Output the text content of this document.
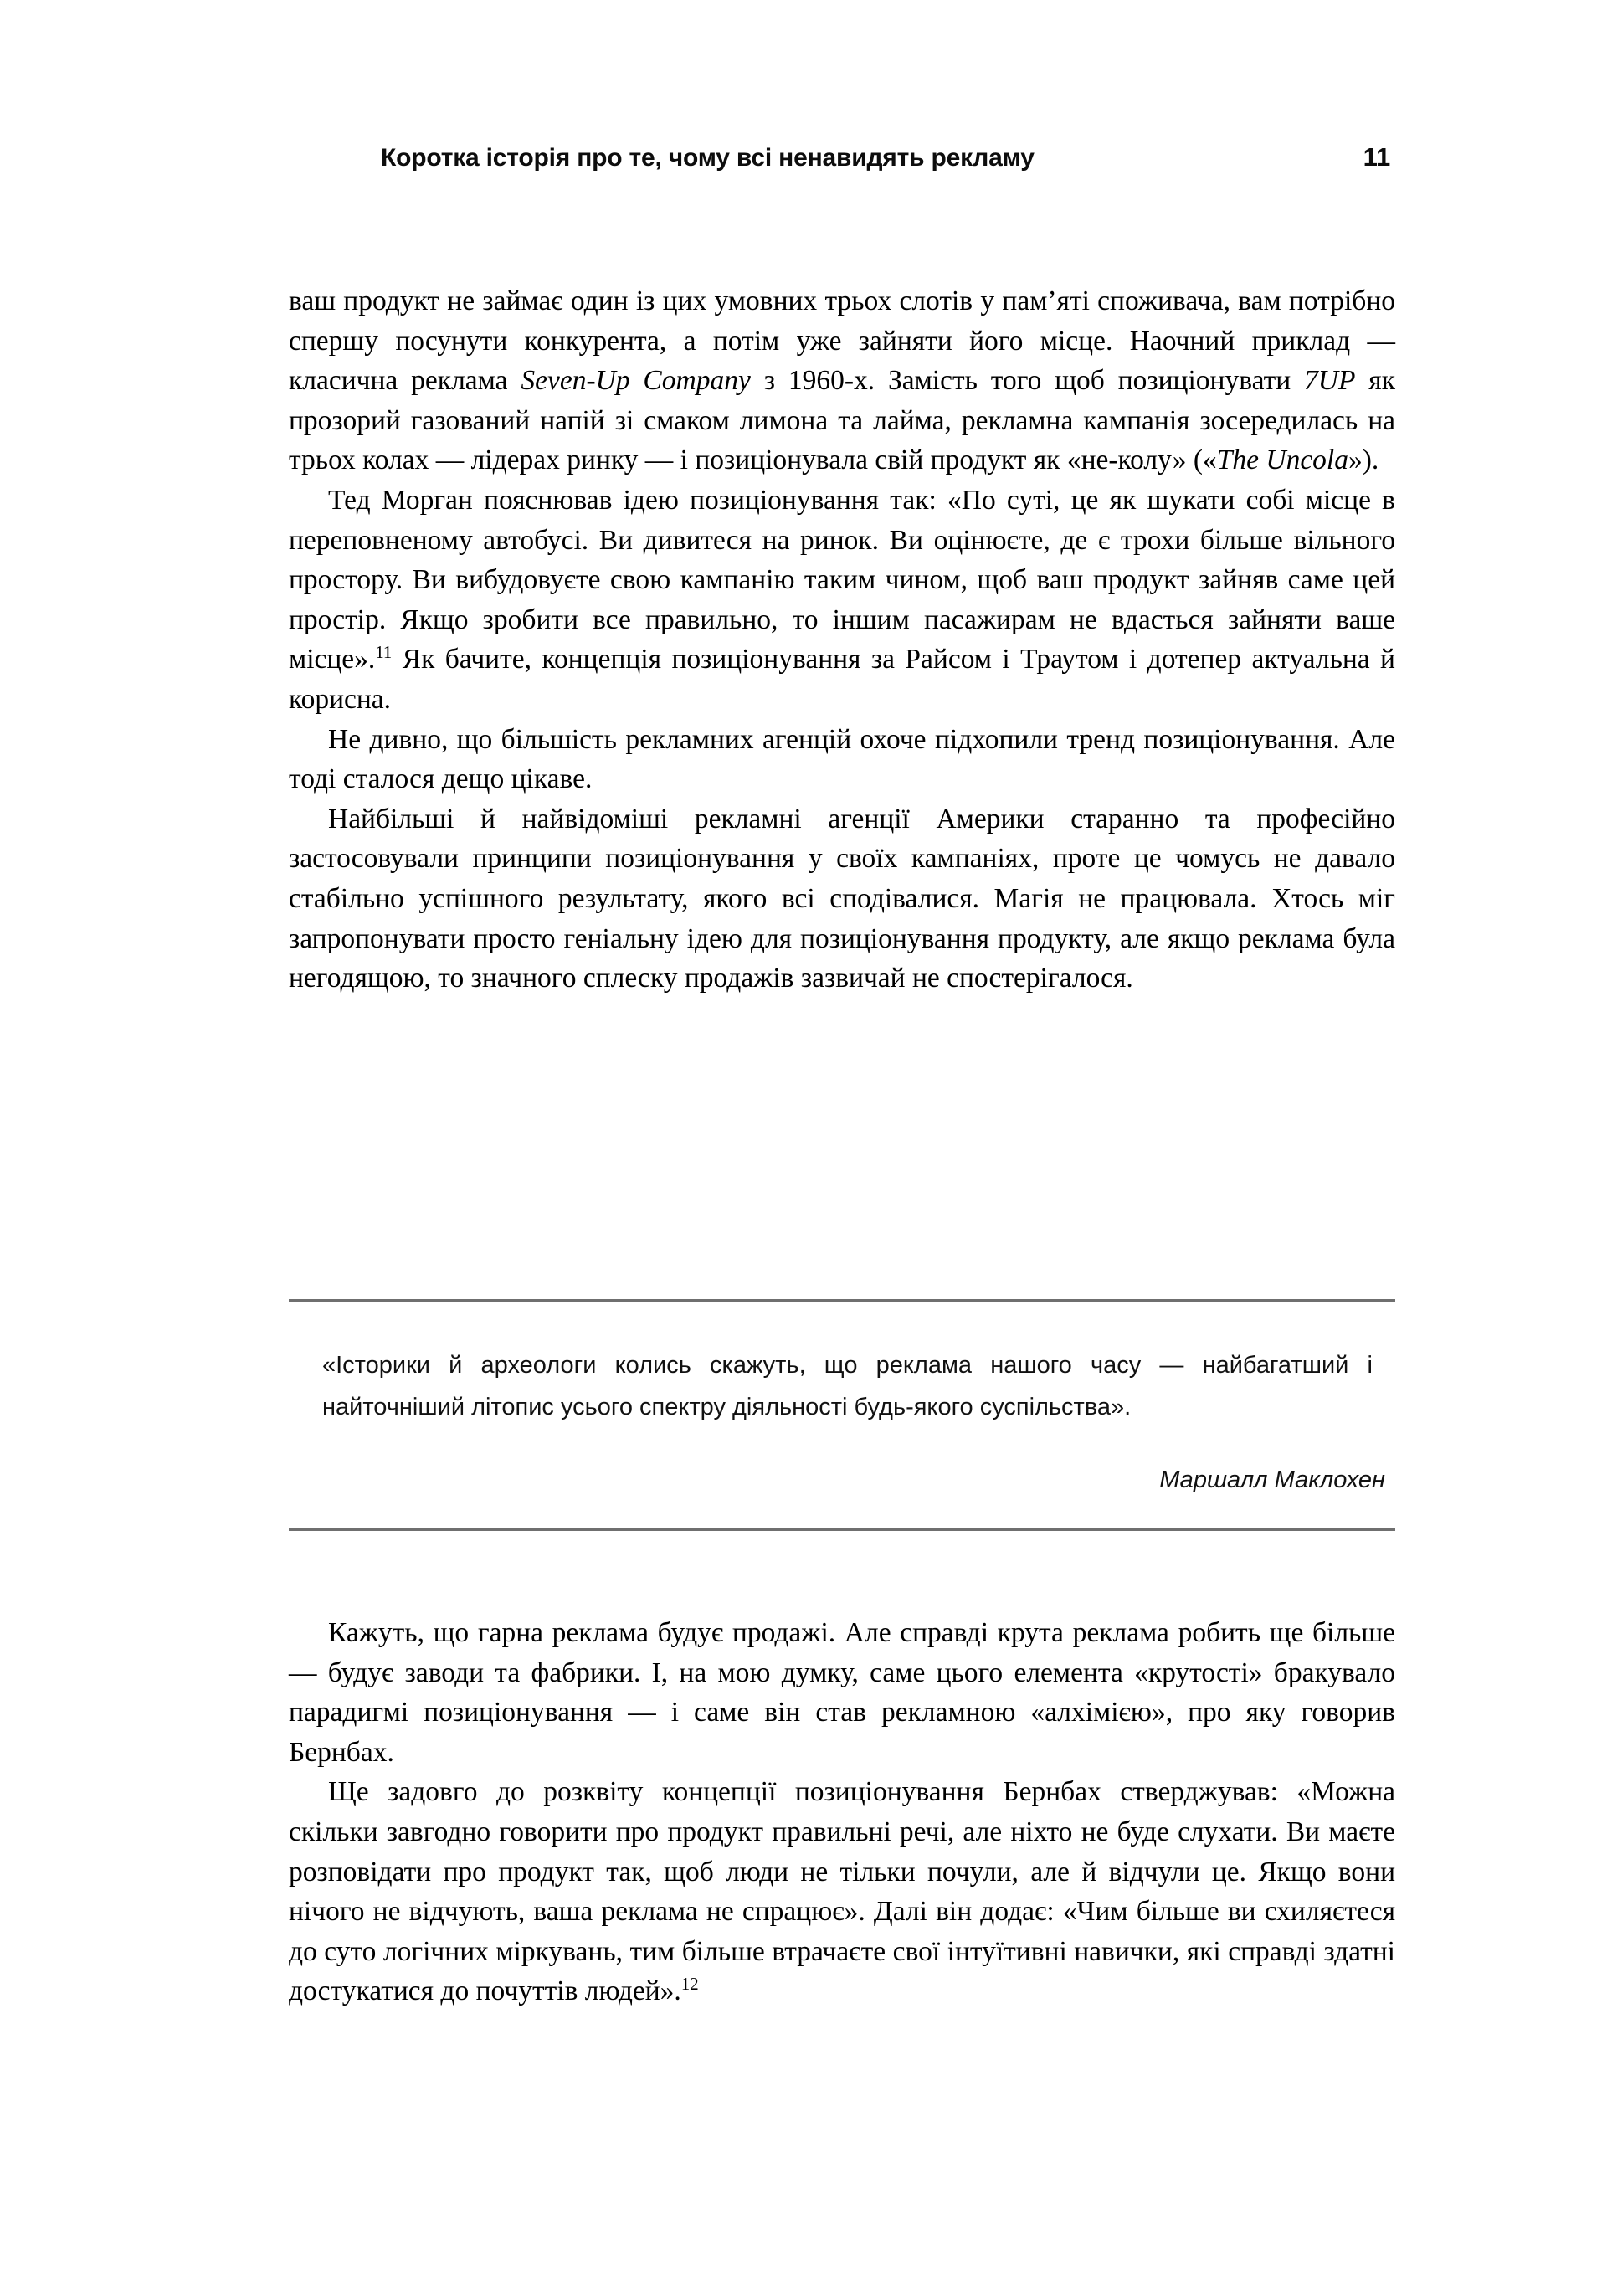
Коротка історія про те, чому всі ненавидять рекламу	11

ваш продукт не займає один із цих умовних трьох слотів у пам’яті споживача, вам потрібно спершу посунути конкурента, а потім уже зайняти його місце. Наочний приклад — класична реклама Seven-Up Company з 1960-х. Замість того щоб позиціонувати 7UP як прозорий газований напій зі смаком лимона та лайма, рекламна кампанія зосередилась на трьох колах — лідерах ринку — і позиціонувала свій продукт як «не-колу» («The Uncola»).

Тед Морган пояснював ідею позиціонування так: «По суті, це як шукати собі місце в переповненому автобусі. Ви дивитеся на ринок. Ви оцінюєте, де є трохи більше вільного простору. Ви вибудовуєте свою кампанію таким чином, щоб ваш продукт зайняв саме цей простір. Якщо зробити все правильно, то іншим пасажирам не вдасться зайняти ваше місце».$^{11}$ Як бачите, концепція позиціонування за Райсом і Траутом і дотепер актуальна й корисна.

Не дивно, що більшість рекламних агенцій охоче підхопили тренд позиціонування. Але тоді сталося дещо цікаве.

Найбільші й найвідоміші рекламні агенції Америки старанно та професійно застосовували принципи позиціонування у своїх кампаніях, проте це чомусь не давало стабільно успішного результату, якого всі сподівалися. Магія не працювала. Хтось міг запропонувати просто геніальну ідею для позиціонування продукту, але якщо реклама була негодящою, то значного сплеску продажів зазвичай не спостерігалося.

«Історики й археологи колись скажуть, що реклама нашого часу — найбагатший і найточніший літопис усього спектру діяльності будь-якого суспільства».

Маршалл Маклохен

Кажуть, що гарна реклама будує продажі. Але справді крута реклама робить ще більше — будує заводи та фабрики. І, на мою думку, саме цього елемента «крутості» бракувало парадигмі позиціонування — і саме він став рекламною «алхімією», про яку говорив Бернбах.

Ще задовго до розквіту концепції позиціонування Бернбах стверджував: «Можна скільки завгодно говорити про продукт правильні речі, але ніхто не буде слухати. Ви маєте розповідати про продукт так, щоб люди не тільки почули, але й відчули це. Якщо вони нічого не відчують, ваша реклама не спрацює». Далі він додає: «Чим більше ви схиляєтеся до суто логічних міркувань, тим більше втрачаєте свої інтуїтивні навички, які справді здатні достукатися до почуттів людей».$^{12}$
